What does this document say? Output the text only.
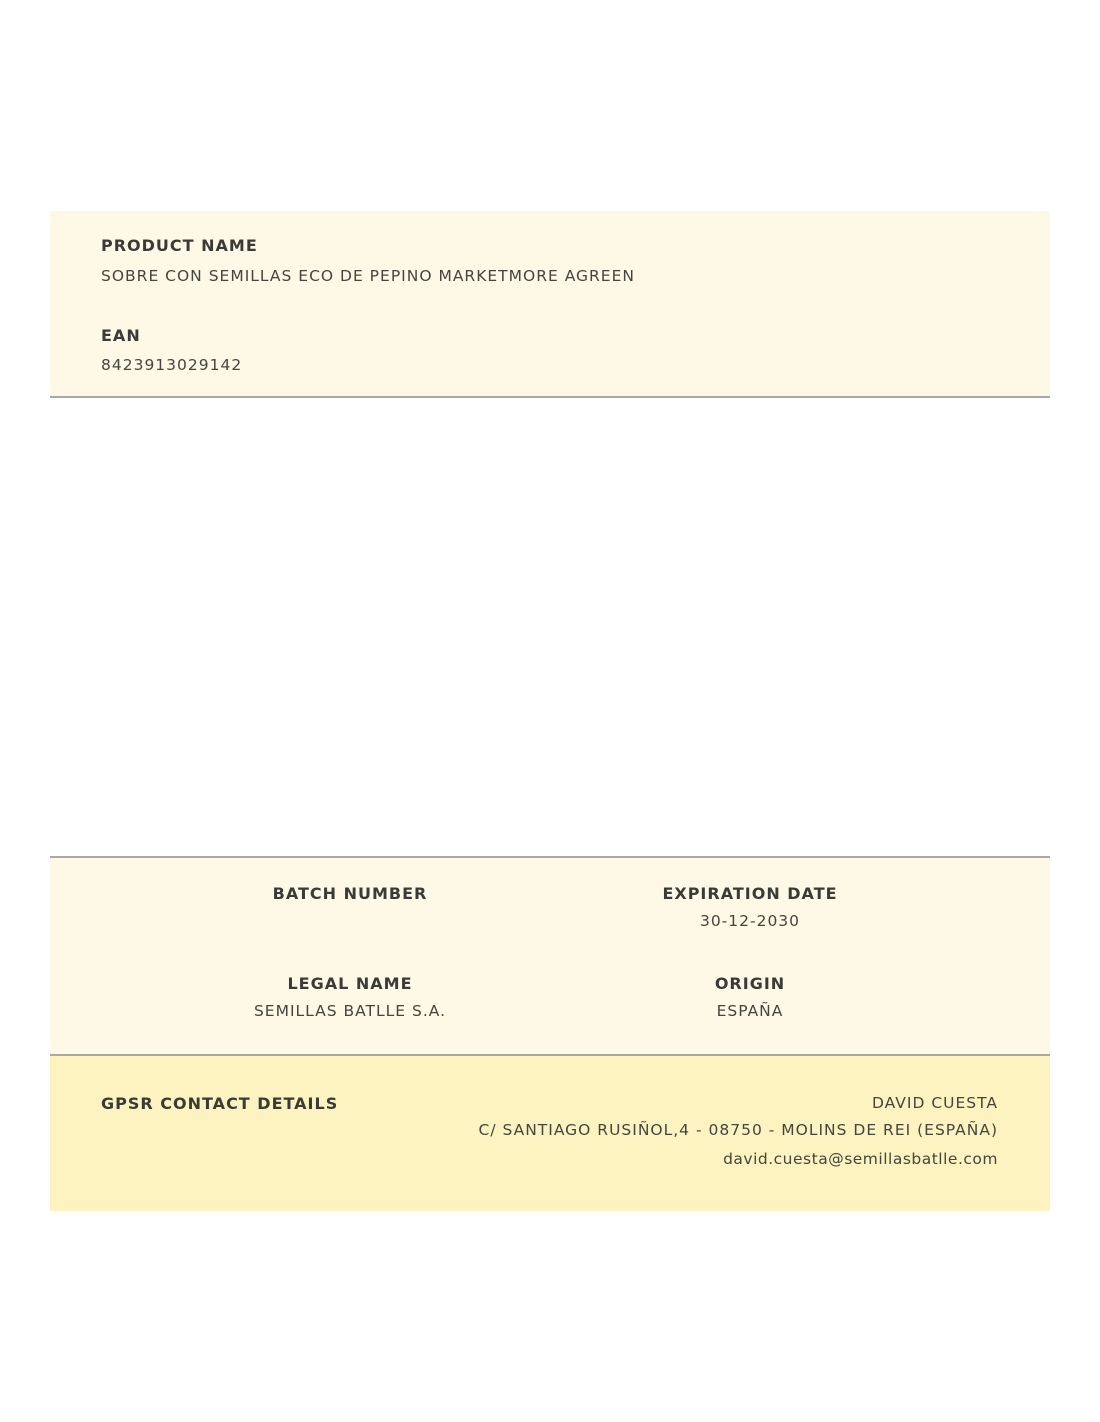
PRODUCT NAME
SOBRE CON SEMILLAS ECO DE PEPINO MARKETMORE AGREEN
EAN
8423913029142
BATCH NUMBER	EXPIRATION DATE
30-12-2030
LEGAL NAME
SEMILLAS BATLLE S.A.
ORIGIN
ESPAÑA
GPSR CONTACT DETAILS	DAVID CUESTA
C/ SANTIAGO RUSIÑOL,4 - 08750 - MOLINS DE REI (ESPAÑA)
david.cuesta@semillasbatlle.com
